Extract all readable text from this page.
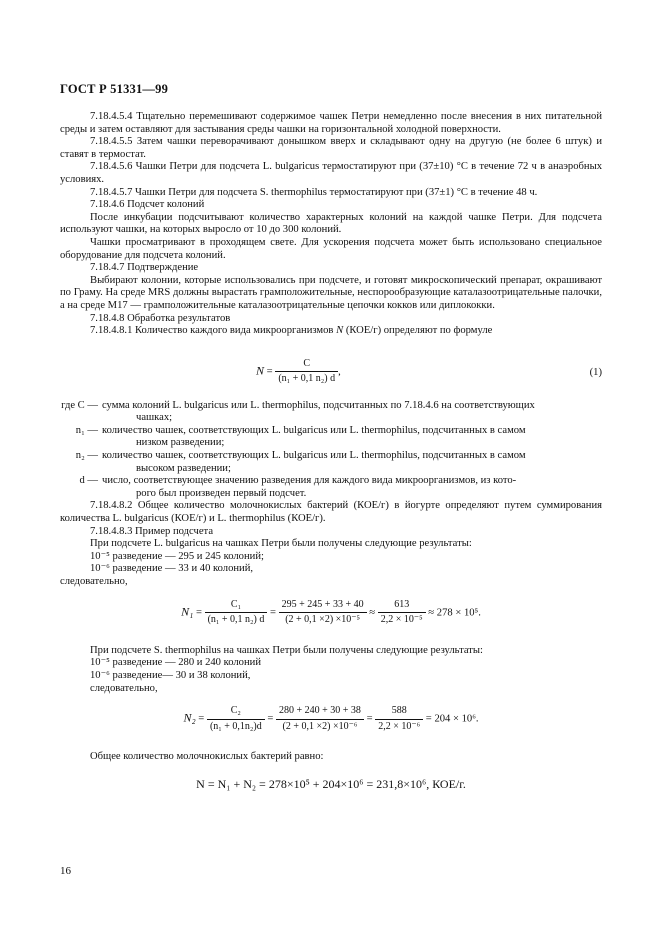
ГОСТ Р 51331—99

7.18.4.5.4 Тщательно перемешивают содержимое чашек Петри немедленно после внесения в них питательной среды и затем оставляют для застывания среды чашки на горизонтальной холодной поверхности.

7.18.4.5.5 Затем чашки переворачивают донышком вверх и складывают одну на другую (не более 6 штук) и ставят в термостат.

7.18.4.5.6 Чашки Петри для подсчета L. bulgaricus термостатируют при (37±10) °С в течение 72 ч в анаэробных условиях.

7.18.4.5.7 Чашки Петри для подсчета S. thermophilus термостатируют при (37±1) °С в течение 48 ч.

7.18.4.6 Подсчет колоний

После инкубации подсчитывают количество характерных колоний на каждой чашке Петри. Для подсчета используют чашки, на которых выросло от 10 до 300 колоний.

Чашки просматривают в проходящем свете. Для ускорения подсчета может быть использовано специальное оборудование для подсчета колоний.

7.18.4.7 Подтверждение

Выбирают колонии, которые использовались при подсчете, и готовят микроскопический препарат, окрашивают по Граму. На среде MRS должны вырастать грамположительные, неспорообразующие каталазоотрицательные палочки, а на среде M17 — грамположительные каталазоотрицательные цепочки кокков или диплококки.

7.18.4.8 Обработка результатов

7.18.4.8.1 Количество каждого вида микроорганизмов N (КОЕ/г) определяют по формуле

$N = \frac{C}{\text{(n₁ + 0,1 n₂) d}}$ ,	(1)
где C — сумма колоний L. bulgaricus или L. thermophilus, подсчитанных по 7.18.4.6 на соответствующих
чашках;
n₁ — количество чашек, соответствующих L. bulgaricus или L. thermophilus, подсчитанных в самом
низком разведении;
n₂ — количество чашек, соответствующих L. bulgaricus или L. thermophilus, подсчитанных в самом
высоком разведении;
d — число, соответствующее значению разведения для каждого вида микроорганизмов, из кото-
рого был произведен первый подсчет.

7.18.4.8.2 Общее количество молочнокислых бактерий (КОЕ/г) в йогурте определяют путем суммирования количества L. bulgaricus (КОЕ/г) и L. thermophilus (КОЕ/г).

7.18.4.8.3 Пример подсчета

При подсчете L. bulgaricus на чашках Петри были получены следующие результаты:

10⁻⁵ разведение — 295 и 245 колоний;

10⁻⁶ разведение — 33 и 40 колоний,

следовательно,

$N_1 = \frac{\text{C₁}}{\text{(n₁ + 0,1 n₂) d}} = \frac{295 + 245 + 33 + 40}{\text{(2 + 0,1 ×2) ×10⁻⁵}} \approx \frac{613}{\text{2,2 × 10⁻⁵}} \approx 278 \times 10^5$.

При подсчете S. thermophilus на чашках Петри были получены следующие результаты:

10⁻⁵ разведение — 280 и 240 колоний

10⁻⁶ разведение— 30 и 38 колоний,

следовательно,

$N_2 = \frac{\text{C₂}}{\text{(n₁ + 0,1n₂)d}} = \frac{280 + 240 + 30 + 38}{\text{(2 + 0,1 ×2) ×10⁻⁶}} = \frac{588}{\text{2,2 × 10⁻⁶}} = 204 \times 10^6$.

Общее количество молочнокислых бактерий равно:

N = N₁ + N₂ = 278×10⁵ + 204×10⁶ = 231,8×10⁶, КОЕ/г.
16
